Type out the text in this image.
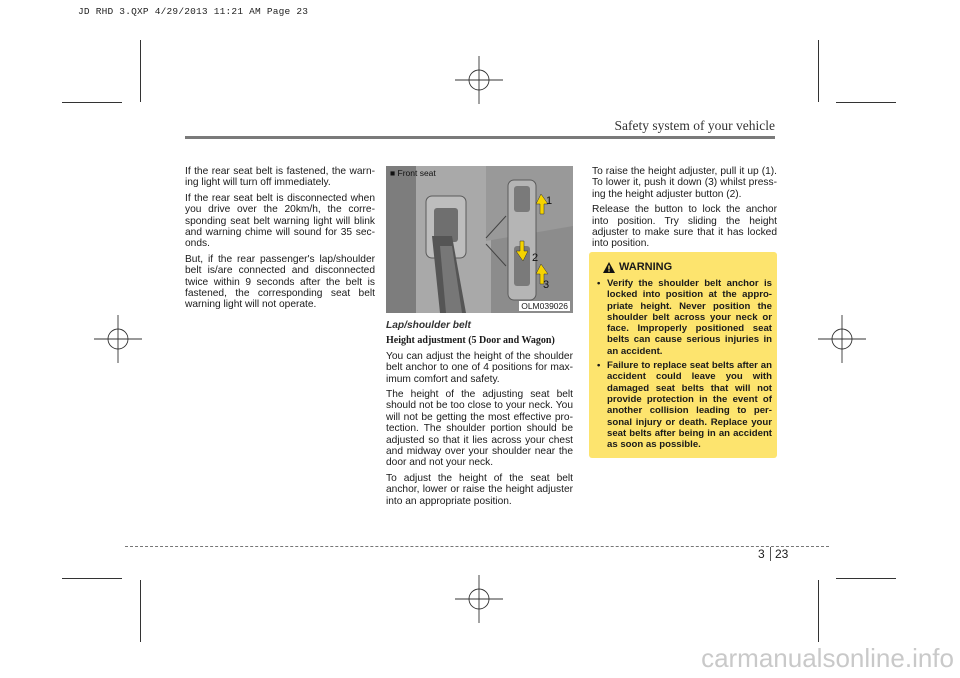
JD RHD 3.QXP 4/29/2013 11:21 AM Page 23
Safety system of your vehicle

If the rear seat belt is fastened, the warn-ing light will turn off immediately.

If the rear seat belt is disconnected when you drive over the 20km/h, the corre-sponding seat belt warning light will blink and warning chime will sound for 35 sec-onds.

But, if the rear passenger's lap/shoulder belt is/are connected and disconnected twice within 9 seconds after the belt is fastened, the corresponding seat belt warning light will not operate.

■ Front seat
1
2
3
OLM039026

Lap/shoulder belt

Height adjustment (5 Door and Wagon)

You can adjust the height of the shoulder belt anchor to one of 4 positions for max-imum comfort and safety.

The height of the adjusting seat belt should not be too close to your neck. You will not be getting the most effective pro-tection. The shoulder portion should be adjusted so that it lies across your chest and midway over your shoulder near the door and not your neck.

To adjust the height of the seat belt anchor, lower or raise the height adjuster into an appropriate position.

To raise the height adjuster, pull it up (1). To lower it, push it down (3) whilst press-ing the height adjuster button (2).

Release the button to lock the anchor into position. Try sliding the height adjuster to make sure that it has locked into position.

WARNING
• Verify the shoulder belt anchor is locked into position at the appro-priate height. Never position the shoulder belt across your neck or face. Improperly positioned seat belts can cause serious injuries in an accident.
• Failure to replace seat belts after an accident could leave you with damaged seat belts that will not provide protection in the event of another collision leading to per-sonal injury or death. Replace your seat belts after being in an accident as soon as possible.
3 23
carmanualsonline.info
